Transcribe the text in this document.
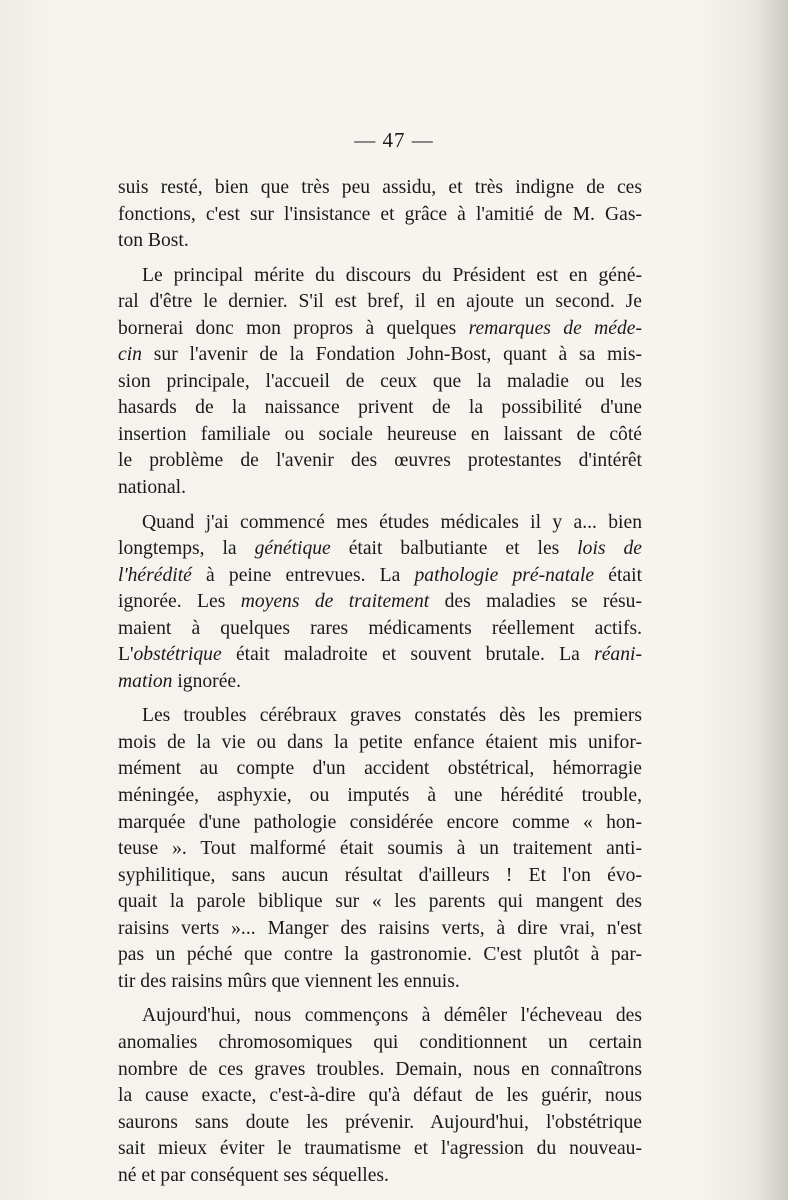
— 47 —

suis resté, bien que très peu assidu, et très indigne de ces
fonctions, c'est sur l'insistance et grâce à l'amitié de M. Gas-
ton Bost.

Le principal mérite du discours du Président est en géné-
ral d'être le dernier. S'il est bref, il en ajoute un second. Je
bornerai donc mon propros à quelques remarques de méde-
cin sur l'avenir de la Fondation John-Bost, quant à sa mis-
sion principale, l'accueil de ceux que la maladie ou les
hasards de la naissance privent de la possibilité d'une
insertion familiale ou sociale heureuse en laissant de côté
le problème de l'avenir des œuvres protestantes d'intérêt
national.

Quand j'ai commencé mes études médicales il y a... bien
longtemps, la génétique était balbutiante et les lois de
l'hérédité à peine entrevues. La pathologie pré-natale était
ignorée. Les moyens de traitement des maladies se résu-
maient à quelques rares médicaments réellement actifs.
L'obstétrique était maladroite et souvent brutale. La réani-
mation ignorée.

Les troubles cérébraux graves constatés dès les premiers
mois de la vie ou dans la petite enfance étaient mis unifor-
mément au compte d'un accident obstétrical, hémorragie
méningée, asphyxie, ou imputés à une hérédité trouble,
marquée d'une pathologie considérée encore comme « hon-
teuse ». Tout malformé était soumis à un traitement anti-
syphilitique, sans aucun résultat d'ailleurs ! Et l'on évo-
quait la parole biblique sur « les parents qui mangent des
raisins verts »... Manger des raisins verts, à dire vrai, n'est
pas un péché que contre la gastronomie. C'est plutôt à par-
tir des raisins mûrs que viennent les ennuis.

Aujourd'hui, nous commençons à démêler l'écheveau des
anomalies chromosomiques qui conditionnent un certain
nombre de ces graves troubles. Demain, nous en connaîtrons
la cause exacte, c'est-à-dire qu'à défaut de les guérir, nous
saurons sans doute les prévenir. Aujourd'hui, l'obstétrique
sait mieux éviter le traumatisme et l'agression du nouveau-
né et par conséquent ses séquelles.
